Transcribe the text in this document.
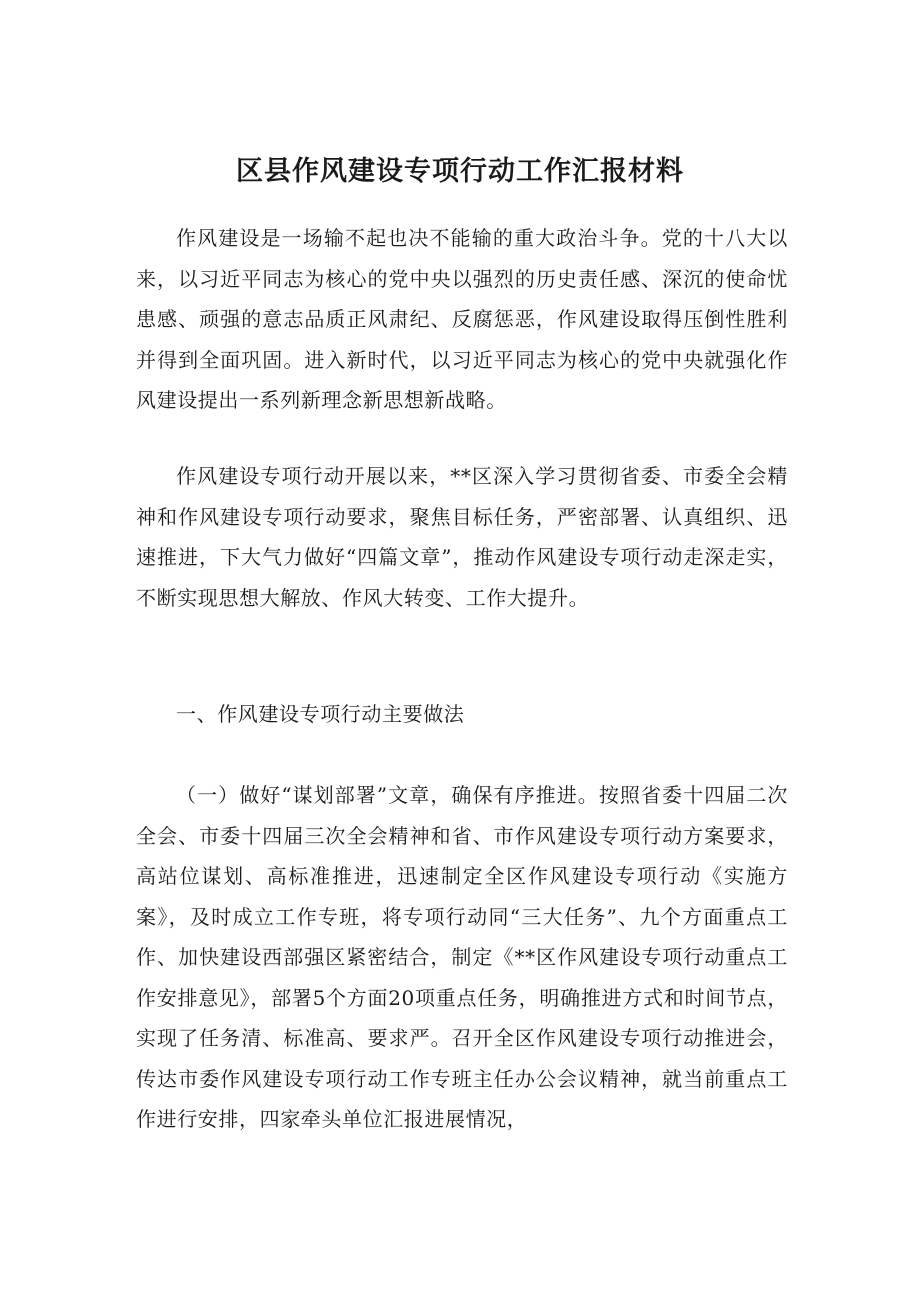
区县作风建设专项行动工作汇报材料

作风建设是一场输不起也决不能输的重大政治斗争。党的十八大以来，以习近平同志为核心的党中央以强烈的历史责任感、深沉的使命忧患感、顽强的意志品质正风肃纪、反腐惩恶，作风建设取得压倒性胜利并得到全面巩固。进入新时代，以习近平同志为核心的党中央就强化作风建设提出一系列新理念新思想新战略。

作风建设专项行动开展以来，**区深入学习贯彻省委、市委全会精神和作风建设专项行动要求，聚焦目标任务，严密部署、认真组织、迅速推进，下大气力做好“四篇文章”，推动作风建设专项行动走深走实，不断实现思想大解放、作风大转变、工作大提升。

一、作风建设专项行动主要做法

（一）做好“谋划部署”文章，确保有序推进。按照省委十四届二次全会、市委十四届三次全会精神和省、市作风建设专项行动方案要求，高站位谋划、高标准推进，迅速制定全区作风建设专项行动《实施方案》，及时成立工作专班，将专项行动同“三大任务”、九个方面重点工作、加快建设西部强区紧密结合，制定《**区作风建设专项行动重点工作安排意见》，部署5个方面20项重点任务，明确推进方式和时间节点，实现了任务清、标准高、要求严。召开全区作风建设专项行动推进会，传达市委作风建设专项行动工作专班主任办公会议精神，就当前重点工作进行安排，四家牵头单位汇报进展情况，
